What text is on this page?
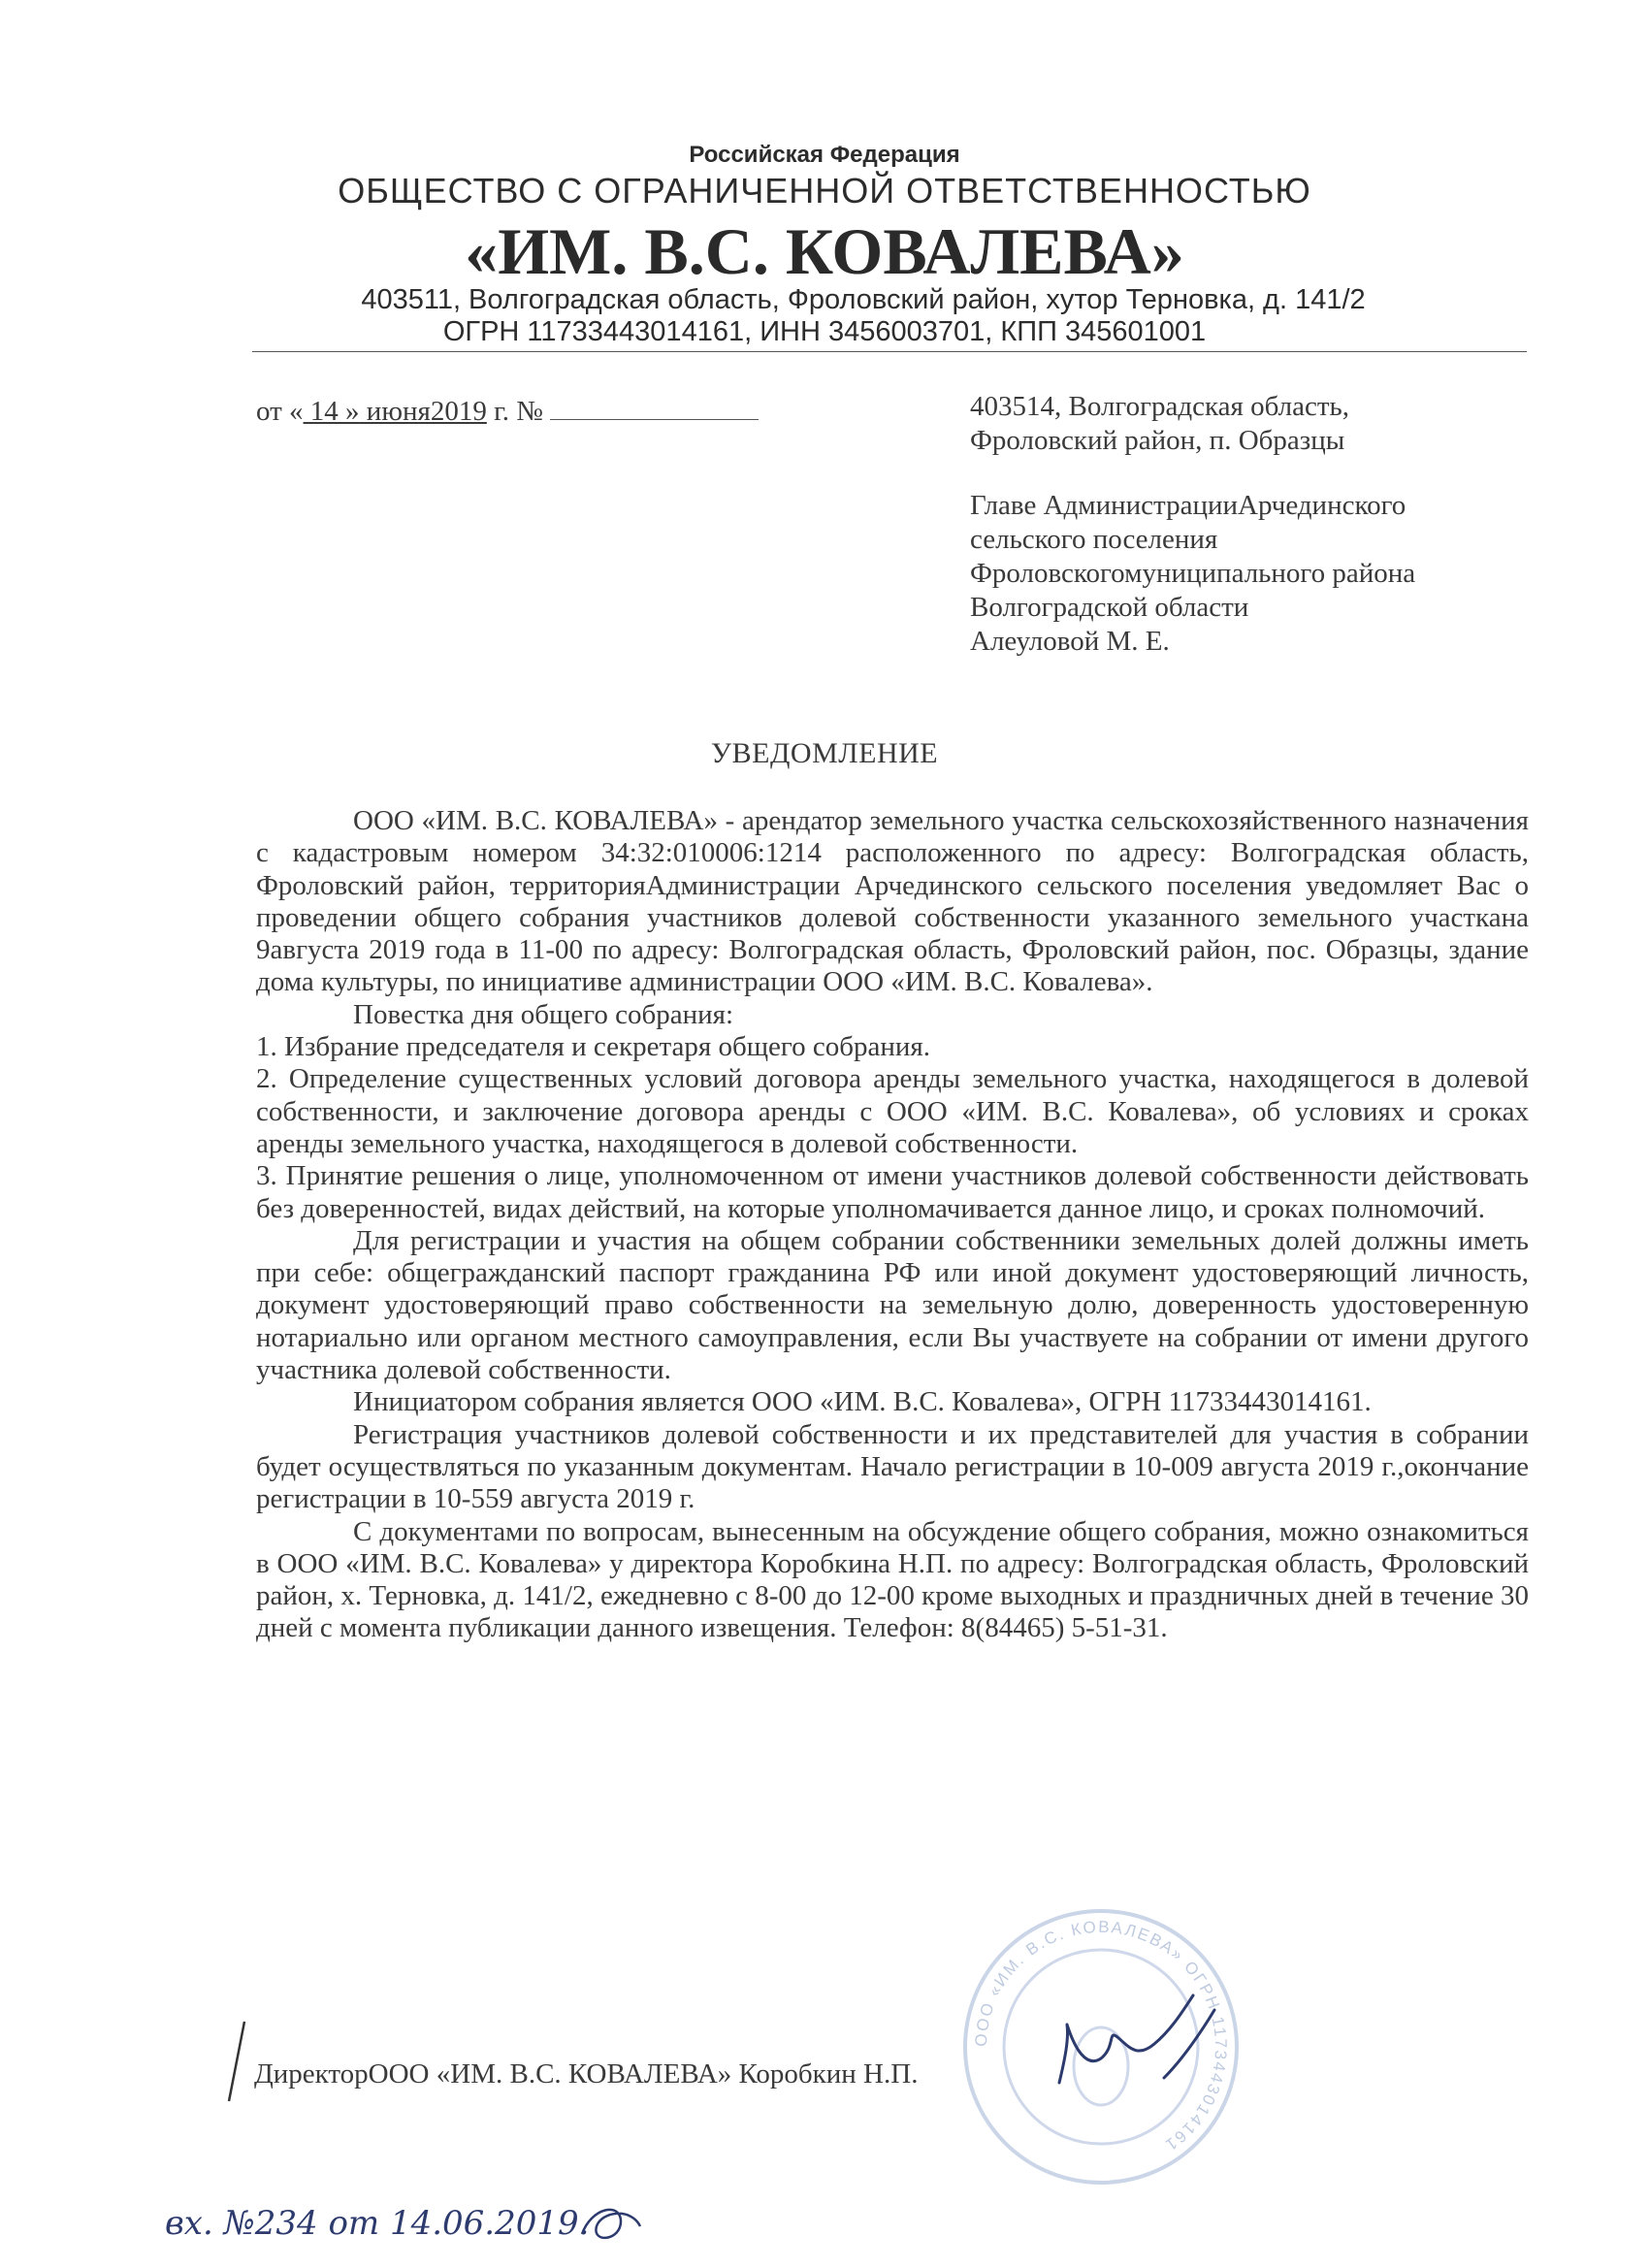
Российская Федерация
ОБЩЕСТВО С ОГРАНИЧЕННОЙ ОТВЕТСТВЕННОСТЬЮ
«ИМ. В.С. КОВАЛЕВА»
403511, Волгоградская область, Фроловский район, хутор Терновка, д. 141/2
ОГРН 11733443014161, ИНН 3456003701, КПП 345601001
от « 14 » июня2019 г. №	403514, Волгоградская область,
Фроловский район, п. Образцы
Главе АдминистрацииАрчединского
сельского поселения
Фроловскогомуниципального района
Волгоградской области
Алеуловой М. Е.
УВЕДОМЛЕНИЕ

ООО «ИМ. В.С. КОВАЛЕВА» - арендатор земельного участка сельскохозяйственного назначения с кадастровым номером 34:32:010006:1214 расположенного по адресу: Волгоградская область, Фроловский район, территорияАдминистрации Арчединского сельского поселения уведомляет Вас о проведении общего собрания участников долевой собственности указанного земельного участкана 9августа 2019 года в 11-00 по адресу: Волгоградская область, Фроловский район, пос. Образцы, здание дома культуры, по инициативе администрации ООО «ИМ. В.С. Ковалева».

Повестка дня общего собрания:

1. Избрание председателя и секретаря общего собрания.

2. Определение существенных условий договора аренды земельного участка, находящегося в долевой собственности, и заключение договора аренды с ООО «ИМ. В.С. Ковалева», об условиях и сроках аренды земельного участка, находящегося в долевой собственности.

3. Принятие решения о лице, уполномоченном от имени участников долевой собственности действовать без доверенностей, видах действий, на которые уполномачивается данное лицо, и сроках полномочий.

Для регистрации и участия на общем собрании собственники земельных долей должны иметь при себе: общегражданский паспорт гражданина РФ или иной документ удостоверяющий личность, документ удостоверяющий право собственности на земельную долю, доверенность удостоверенную нотариально или органом местного самоуправления, если Вы участвуете на собрании от имени другого участника долевой собственности.

Инициатором собрания является ООО «ИМ. В.С. Ковалева», ОГРН 11733443014161.

Регистрация участников долевой собственности и их представителей для участия в собрании будет осуществляться по указанным документам. Начало регистрации в 10-009 августа 2019 г.,окончание регистрации в 10-559 августа 2019 г.

С документами по вопросам, вынесенным на обсуждение общего собрания, можно ознакомиться в ООО «ИМ. В.С. Ковалева» у директора Коробкина Н.П. по адресу: Волгоградская область, Фроловский район, х. Терновка, д. 141/2, ежедневно с 8-00 до 12-00 кроме выходных и праздничных дней в течение 30 дней с момента публикации данного извещения. Телефон: 8(84465) 5-51-31.

ООО «ИМ. В.С. КОВАЛЕВА» ОГРН 1173443014161
ДиректорООО «ИМ. В.С. КОВАЛЕВА» Коробкин Н.П.
вх. №234 от 14.06.2019.
